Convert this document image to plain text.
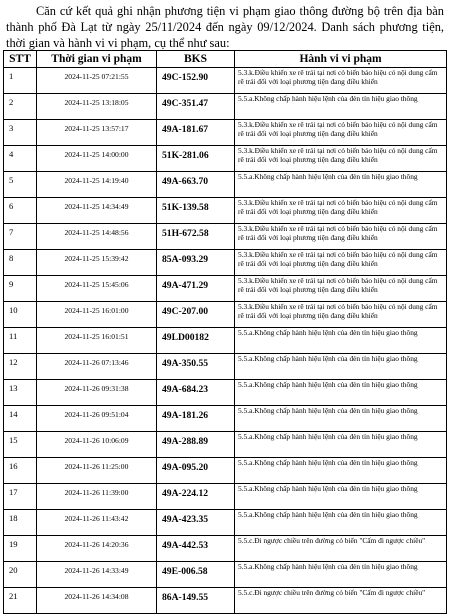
Căn cứ kết quả ghi nhận phương tiện vi phạm giao thông đường bộ trên địa bàn thành phố Đà Lạt từ ngày 25/11/2024 đến ngày 09/12/2024. Danh sách phương tiện, thời gian và hành vi vi phạm, cụ thể như sau:

STT	Thời gian vi phạm	BKS	Hành vi vi phạm
1	2024-11-25 07:21:55	49C-152.90	5.3.k.Điều khiển xe rẽ trái tại nơi có biển báo hiệu có nội dung cấm rẽ trái đối với loại phương tiện đang điều khiển
2	2024-11-25 13:18:05	49C-351.47	5.5.a.Không chấp hành hiệu lệnh của đèn tín hiệu giao thông
3	2024-11-25 13:57:17	49A-181.67	5.3.k.Điều khiển xe rẽ trái tại nơi có biển báo hiệu có nội dung cấm rẽ trái đối với loại phương tiện đang điều khiển
4	2024-11-25 14:00:00	51K-281.06	5.3.k.Điều khiển xe rẽ trái tại nơi có biển báo hiệu có nội dung cấm rẽ trái đối với loại phương tiện đang điều khiển
5	2024-11-25 14:19:40	49A-663.70	5.5.a.Không chấp hành hiệu lệnh của đèn tín hiệu giao thông
6	2024-11-25 14:34:49	51K-139.58	5.3.k.Điều khiển xe rẽ trái tại nơi có biển báo hiệu có nội dung cấm rẽ trái đối với loại phương tiện đang điều khiển
7	2024-11-25 14:48:56	51H-672.58	5.3.k.Điều khiển xe rẽ trái tại nơi có biển báo hiệu có nội dung cấm rẽ trái đối với loại phương tiện đang điều khiển
8	2024-11-25 15:39:42	85A-093.29	5.3.k.Điều khiển xe rẽ trái tại nơi có biển báo hiệu có nội dung cấm rẽ trái đối với loại phương tiện đang điều khiển
9	2024-11-25 15:45:06	49A-471.29	5.3.k.Điều khiển xe rẽ trái tại nơi có biển báo hiệu có nội dung cấm rẽ trái đối với loại phương tiện đang điều khiển
10	2024-11-25 16:01:00	49C-207.00	5.3.k.Điều khiển xe rẽ trái tại nơi có biển báo hiệu có nội dung cấm rẽ trái đối với loại phương tiện đang điều khiển
11	2024-11-25 16:01:51	49LD00182	5.5.a.Không chấp hành hiệu lệnh của đèn tín hiệu giao thông
12	2024-11-26 07:13:46	49A-350.55	5.5.a.Không chấp hành hiệu lệnh của đèn tín hiệu giao thông
13	2024-11-26 09:31:38	49A-684.23	5.5.a.Không chấp hành hiệu lệnh của đèn tín hiệu giao thông
14	2024-11-26 09:51:04	49A-181.26	5.5.a.Không chấp hành hiệu lệnh của đèn tín hiệu giao thông
15	2024-11-26 10:06:09	49A-288.89	5.5.a.Không chấp hành hiệu lệnh của đèn tín hiệu giao thông
16	2024-11-26 11:25:00	49A-095.20	5.5.a.Không chấp hành hiệu lệnh của đèn tín hiệu giao thông
17	2024-11-26 11:39:00	49A-224.12	5.5.a.Không chấp hành hiệu lệnh của đèn tín hiệu giao thông
18	2024-11-26 11:43:42	49A-423.35	5.5.a.Không chấp hành hiệu lệnh của đèn tín hiệu giao thông
19	2024-11-26 14:20:36	49A-442.53	5.5.c.Đi ngược chiều trên đường có biển "Cấm đi ngược chiều"
20	2024-11-26 14:33:49	49E-006.58	5.5.a.Không chấp hành hiệu lệnh của đèn tín hiệu giao thông
21	2024-11-26 14:34:08	86A-149.55	5.5.c.Đi ngược chiều trên đường có biển "Cấm đi ngược chiều"
